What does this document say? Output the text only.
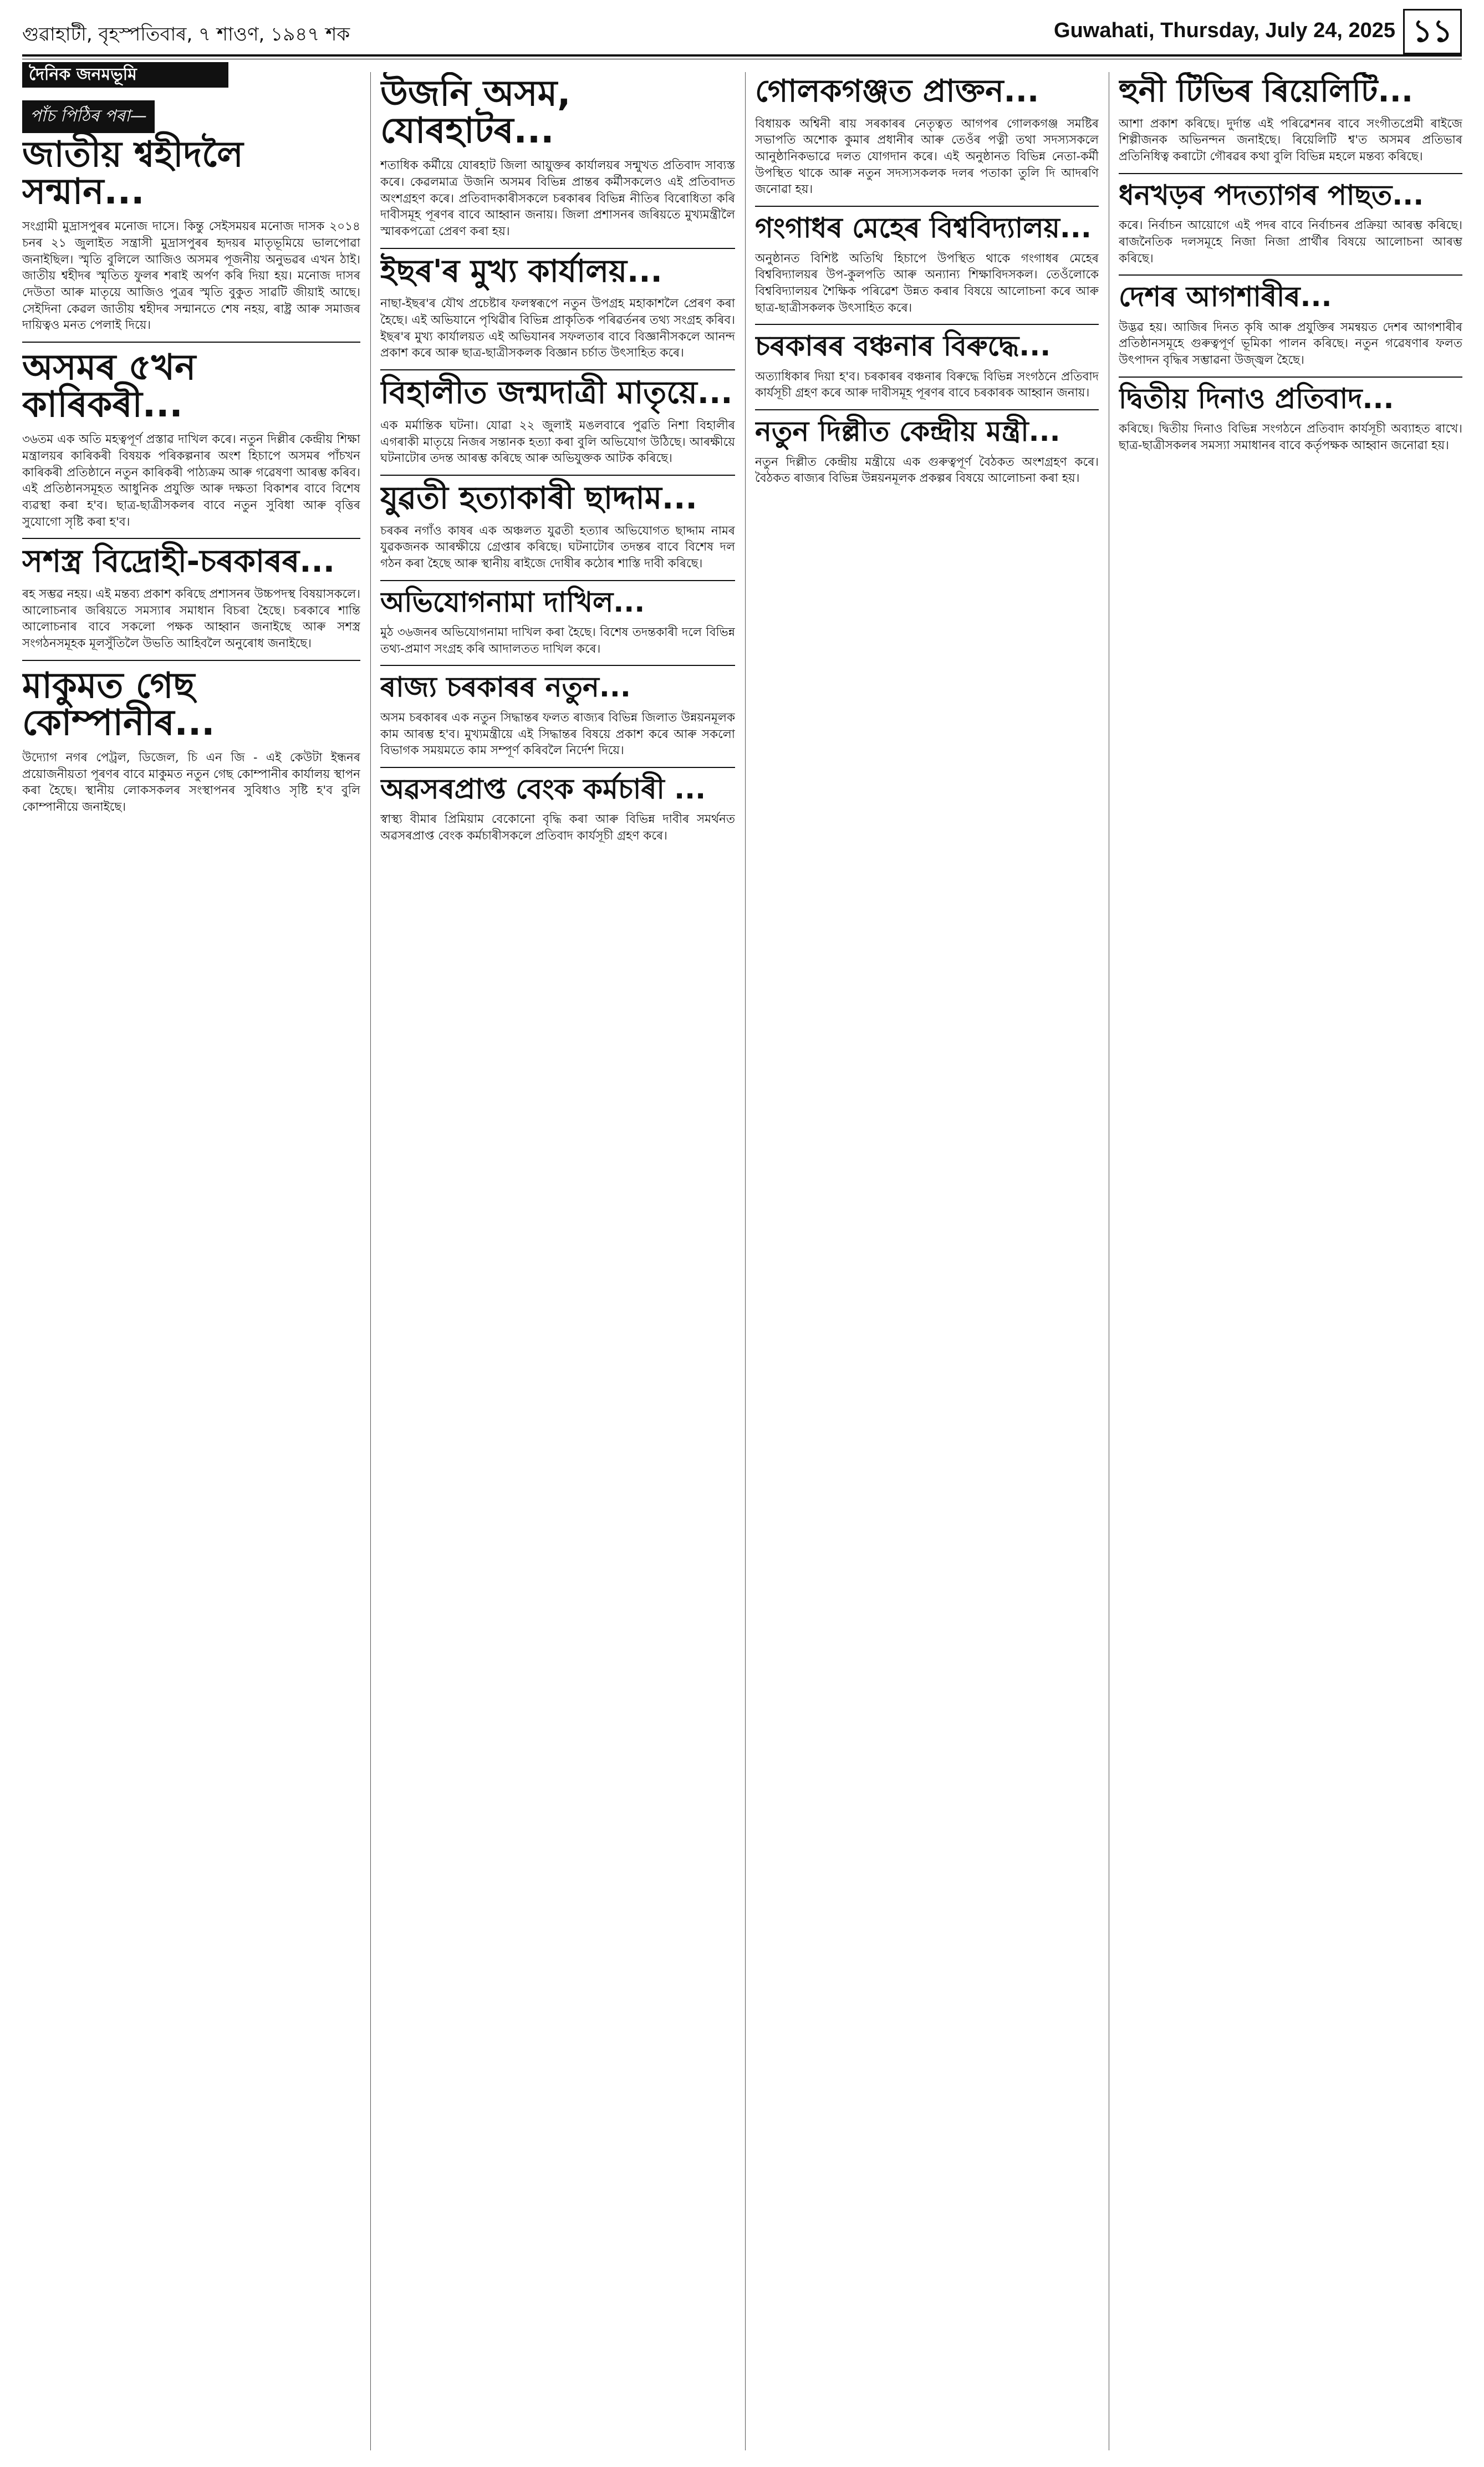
গুৱাহাটী, বৃহস্পতিবাৰ, ৭ শাওণ, ১৯৪৭ শক	Guwahati, Thursday, July 24, 2025 ১১
দৈনিক জনমভূমি
পাঁচ পিঠিৰ পৰা—
জাতীয় শ্বহীদলৈ সন্মান...

সংগ্ৰামী মুদ্ৰাসপুৰৰ মনোজ দাসে। কিন্তু সেইসময়ৰ মনোজ দাসক ২০১৪ চনৰ ২১ জুলাইত সন্ত্ৰাসী মুদ্ৰাসপুৰৰ হৃদয়ৰ মাতৃভূমিয়ে ভালপোৱা জনাইছিল। স্মৃতি বুলিলে আজিও অসমৰ পূজনীয় অনুভৱৰ এখন ঠাই। জাতীয় শ্বহীদৰ স্মৃতিত ফুলৰ শৰাই অৰ্পণ কৰি দিয়া হয়। মনোজ দাসৰ দেউতা আৰু মাতৃয়ে আজিও পুত্ৰৰ স্মৃতি বুকুত সাৱটি জীয়াই আছে। সেইদিনা কেৱল জাতীয় শ্বহীদৰ সন্মানতে শেষ নহয়, ৰাষ্ট্ৰ আৰু সমাজৰ দায়িত্বও মনত পেলাই দিয়ে।

অসমৰ ৫খন কাৰিকৰী...

৩৬তম এক অতি মহত্বপূৰ্ণ প্ৰস্তাৱ দাখিল কৰে। নতুন দিল্লীৰ কেন্দ্ৰীয় শিক্ষা মন্ত্ৰালয়ৰ কাৰিকৰী বিষয়ক পৰিকল্পনাৰ অংশ হিচাপে অসমৰ পাঁচখন কাৰিকৰী প্ৰতিষ্ঠানে নতুন কাৰিকৰী পাঠ্যক্ৰম আৰু গৱেষণা আৰম্ভ কৰিব। এই প্ৰতিষ্ঠানসমূহত আধুনিক প্ৰযুক্তি আৰু দক্ষতা বিকাশৰ বাবে বিশেষ ব্যৱস্থা কৰা হ'ব। ছাত্ৰ-ছাত্ৰীসকলৰ বাবে নতুন সুবিধা আৰু বৃত্তিৰ সুযোগো সৃষ্টি কৰা হ'ব।

সশস্ত্ৰ বিদ্ৰোহী-চৰকাৰৰ...

ৰহ সম্ভৱ নহয়। এই মন্তব্য প্ৰকাশ কৰিছে প্ৰশাসনৰ উচ্চপদস্থ বিষয়াসকলে। আলোচনাৰ জৰিয়তে সমস্যাৰ সমাধান বিচৰা হৈছে। চৰকাৰে শান্তি আলোচনাৰ বাবে সকলো পক্ষক আহ্বান জনাইছে আৰু সশস্ত্ৰ সংগঠনসমূহক মূলসুঁতিলৈ উভতি আহিবলৈ অনুৰোধ জনাইছে।

মাকুমত গেছ কোম্পানীৰ...

উদ্যোগ নগৰ পেট্ৰল, ডিজেল, চি এন জি - এই কেউটা ইন্ধনৰ প্ৰয়োজনীয়তা পূৰণৰ বাবে মাকুমত নতুন গেছ কোম্পানীৰ কাৰ্যালয় স্থাপন কৰা হৈছে। স্থানীয় লোকসকলৰ সংস্থাপনৰ সুবিধাও সৃষ্টি হ'ব বুলি কোম্পানীয়ে জনাইছে।

উজনি অসম, যোৰহাটৰ...

শতাধিক কৰ্মীয়ে যোৰহাট জিলা আয়ুক্তৰ কাৰ্যালয়ৰ সন্মুখত প্ৰতিবাদ সাব্যস্ত কৰে। কেৱলমাত্ৰ উজনি অসমৰ বিভিন্ন প্ৰান্তৰ কৰ্মীসকলেও এই প্ৰতিবাদত অংশগ্ৰহণ কৰে। প্ৰতিবাদকাৰীসকলে চৰকাৰৰ বিভিন্ন নীতিৰ বিৰোধিতা কৰি দাবীসমূহ পূৰণৰ বাবে আহ্বান জনায়। জিলা প্ৰশাসনৰ জৰিয়তে মুখ্যমন্ত্ৰীলৈ স্মাৰকপত্ৰো প্ৰেৰণ কৰা হয়।

ইছৰ'ৰ মুখ্য কাৰ্যালয়...

নাছা-ইছৰ'ৰ যৌথ প্ৰচেষ্টাৰ ফলস্বৰূপে নতুন উপগ্ৰহ মহাকাশলৈ প্ৰেৰণ কৰা হৈছে। এই অভিযানে পৃথিৱীৰ বিভিন্ন প্ৰাকৃতিক পৰিৱৰ্তনৰ তথ্য সংগ্ৰহ কৰিব। ইছৰ'ৰ মুখ্য কাৰ্যালয়ত এই অভিযানৰ সফলতাৰ বাবে বিজ্ঞানীসকলে আনন্দ প্ৰকাশ কৰে আৰু ছাত্ৰ-ছাত্ৰীসকলক বিজ্ঞান চৰ্চাত উৎসাহিত কৰে।

বিহালীত জন্মদাত্ৰী মাতৃয়ে...

এক মৰ্মান্তিক ঘটনা। যোৱা ২২ জুলাই মঙলবাৰে পুৱতি নিশা বিহালীৰ এগৰাকী মাতৃয়ে নিজৰ সন্তানক হত্যা কৰা বুলি অভিযোগ উঠিছে। আৰক্ষীয়ে ঘটনাটোৰ তদন্ত আৰম্ভ কৰিছে আৰু অভিযুক্তক আটক কৰিছে।

যুৱতী হত্যাকাৰী ছাদ্দাম...

চৰকৰ নগাঁও কাষৰ এক অঞ্চলত যুৱতী হত্যাৰ অভিযোগত ছাদ্দাম নামৰ যুৱকজনক আৰক্ষীয়ে গ্ৰেপ্তাৰ কৰিছে। ঘটনাটোৰ তদন্তৰ বাবে বিশেষ দল গঠন কৰা হৈছে আৰু স্থানীয় ৰাইজে দোষীৰ কঠোৰ শাস্তি দাবী কৰিছে।

অভিযোগনামা দাখিল...

মুঠ ৩৬জনৰ অভিযোগনামা দাখিল কৰা হৈছে। বিশেষ তদন্তকাৰী দলে বিভিন্ন তথ্য-প্ৰমাণ সংগ্ৰহ কৰি আদালতত দাখিল কৰে।

ৰাজ্য চৰকাৰৰ নতুন...

অসম চৰকাৰৰ এক নতুন সিদ্ধান্তৰ ফলত ৰাজ্যৰ বিভিন্ন জিলাত উন্নয়নমূলক কাম আৰম্ভ হ'ব। মুখ্যমন্ত্ৰীয়ে এই সিদ্ধান্তৰ বিষয়ে প্ৰকাশ কৰে আৰু সকলো বিভাগক সময়মতে কাম সম্পূৰ্ণ কৰিবলৈ নিৰ্দেশ দিয়ে।

অৱসৰপ্ৰাপ্ত বেংক কৰ্মচাৰী ...

স্বাস্থ্য বীমাৰ প্ৰিমিয়াম বেকোনো বৃদ্ধি কৰা আৰু বিভিন্ন দাবীৰ সমৰ্থনত অৱসৰপ্ৰাপ্ত বেংক কৰ্মচাৰীসকলে প্ৰতিবাদ কাৰ্যসূচী গ্ৰহণ কৰে।

গোলকগঞ্জত প্ৰাক্তন...

বিধায়ক অশ্বিনী ৰায় সৰকাৰৰ নেতৃত্বত আগপৰ গোলকগঞ্জ সমষ্টিৰ সভাপতি অশোক কুমাৰ প্ৰধানীৰ আৰু তেওঁৰ পত্নী তথা সদস্যসকলে আনুষ্ঠানিকভাৱে দলত যোগদান কৰে। এই অনুষ্ঠানত বিভিন্ন নেতা-কৰ্মী উপস্থিত থাকে আৰু নতুন সদস্যসকলক দলৰ পতাকা তুলি দি আদৰণি জনোৱা হয়।

গংগাধৰ মেহেৰ বিশ্ববিদ্যালয়...

অনুষ্ঠানত বিশিষ্ট অতিথি হিচাপে উপস্থিত থাকে গংগাধৰ মেহেৰ বিশ্ববিদ্যালয়ৰ উপ-কুলপতি আৰু অন্যান্য শিক্ষাবিদসকল। তেওঁলোকে বিশ্ববিদ্যালয়ৰ শৈক্ষিক পৰিৱেশ উন্নত কৰাৰ বিষয়ে আলোচনা কৰে আৰু ছাত্ৰ-ছাত্ৰীসকলক উৎসাহিত কৰে।

চৰকাৰৰ বঞ্চনাৰ বিৰুদ্ধে...

অত্যাধিকাৰ দিয়া হ'ব। চৰকাৰৰ বঞ্চনাৰ বিৰুদ্ধে বিভিন্ন সংগঠনে প্ৰতিবাদ কাৰ্যসূচী গ্ৰহণ কৰে আৰু দাবীসমূহ পূৰণৰ বাবে চৰকাৰক আহ্বান জনায়।

নতুন দিল্লীত কেন্দ্ৰীয় মন্ত্ৰী...

নতুন দিল্লীত কেন্দ্ৰীয় মন্ত্ৰীয়ে এক গুৰুত্বপূৰ্ণ বৈঠকত অংশগ্ৰহণ কৰে। বৈঠকত ৰাজ্যৰ বিভিন্ন উন্নয়নমূলক প্ৰকল্পৰ বিষয়ে আলোচনা কৰা হয়।

হুনী টিভিৰ ৰিয়েলিটি...

আশা প্ৰকাশ কৰিছে। দুৰ্দান্ত এই পৰিৱেশনৰ বাবে সংগীতপ্ৰেমী ৰাইজে শিল্পীজনক অভিনন্দন জনাইছে। ৰিয়েলিটি শ্ব'ত অসমৰ প্ৰতিভাৰ প্ৰতিনিধিত্ব কৰাটো গৌৰৱৰ কথা বুলি বিভিন্ন মহলে মন্তব্য কৰিছে।

ধনখড়ৰ পদত্যাগৰ পাছত...

কৰে। নিৰ্বাচন আয়োগে এই পদৰ বাবে নিৰ্বাচনৰ প্ৰক্ৰিয়া আৰম্ভ কৰিছে। ৰাজনৈতিক দলসমূহে নিজা নিজা প্ৰাৰ্থীৰ বিষয়ে আলোচনা আৰম্ভ কৰিছে।

দেশৰ আগশাৰীৰ...

উদ্ভৱ হয়। আজিৰ দিনত কৃষি আৰু প্ৰযুক্তিৰ সমন্বয়ত দেশৰ আগশাৰীৰ প্ৰতিষ্ঠানসমূহে গুৰুত্বপূৰ্ণ ভূমিকা পালন কৰিছে। নতুন গৱেষণাৰ ফলত উৎপাদন বৃদ্ধিৰ সম্ভাৱনা উজ্জ্বল হৈছে।

দ্বিতীয় দিনাও প্ৰতিবাদ...

কৰিছে। দ্বিতীয় দিনাও বিভিন্ন সংগঠনে প্ৰতিবাদ কাৰ্যসূচী অব্যাহত ৰাখে। ছাত্ৰ-ছাত্ৰীসকলৰ সমস্যা সমাধানৰ বাবে কৰ্তৃপক্ষক আহ্বান জনোৱা হয়।
